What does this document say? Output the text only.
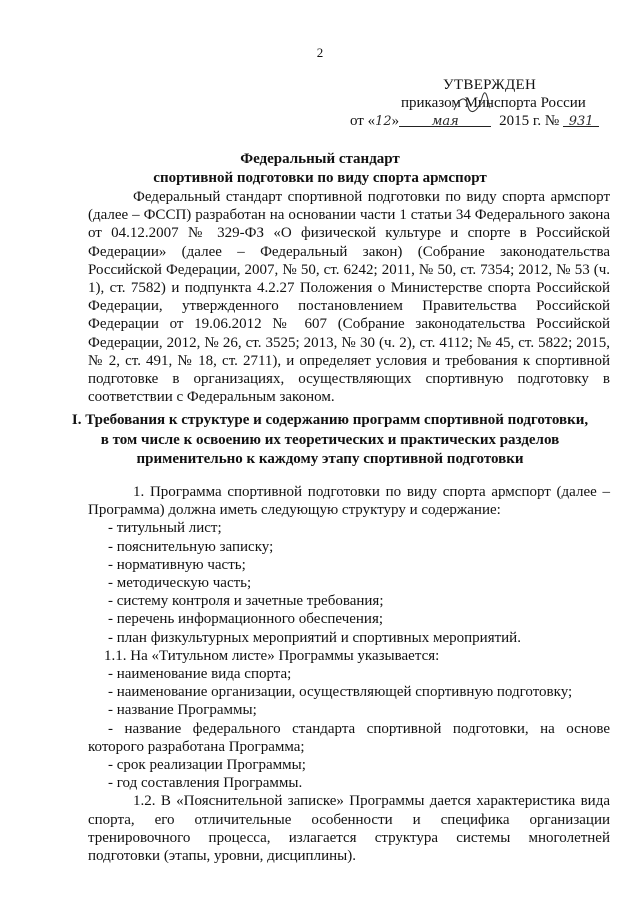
2
УТВЕРЖДЕН
приказом Минспорта России
от « 12 »	мая	2015 г. № 931
Федеральный стандарт
спортивной подготовки по виду спорта армспорт

Федеральный стандарт спортивной подготовки по виду спорта армспорт (далее – ФССП) разработан на основании части 1 статьи 34 Федерального закона от 04.12.2007 № 329-ФЗ «О физической культуре и спорте в Российской Федерации» (далее – Федеральный закон) (Собрание законодательства Российской Федерации, 2007, № 50, ст. 6242; 2011, № 50, ст. 7354; 2012, № 53 (ч. 1), ст. 7582) и подпункта 4.2.27 Положения о Министерстве спорта Российской Федерации, утвержденного постановлением Правительства Российской Федерации от 19.06.2012 № 607 (Собрание законодательства Российской Федерации, 2012, № 26, ст. 3525; 2013, № 30 (ч. 2), ст. 4112; № 45, ст. 5822; 2015, № 2, ст. 491, № 18, ст. 2711), и определяет условия и требования к спортивной подготовке в организациях, осуществляющих спортивную подготовку в соответствии с Федеральным законом.

I. Требования к структуре и содержанию программ спортивной подготовки,
в том числе к освоению их теоретических и практических разделов
применительно к каждому этапу спортивной подготовки

1. Программа спортивной подготовки по виду спорта армспорт (далее – Программа) должна иметь следующую структуру и содержание:

- титульный лист;
- пояснительную записку;
- нормативную часть;
- методическую часть;
- систему контроля и зачетные требования;
- перечень информационного обеспечения;
- план физкультурных мероприятий и спортивных мероприятий.

1.1. На «Титульном листе» Программы указывается:

- наименование вида спорта;
- наименование организации, осуществляющей спортивную подготовку;
- название Программы;
- название федерального стандарта спортивной подготовки, на основе которого разработана Программа;
- срок реализации Программы;
- год составления Программы.

1.2. В «Пояснительной записке» Программы дается характеристика вида спорта, его отличительные особенности и специфика организации тренировочного процесса, излагается структура системы многолетней подготовки (этапы, уровни, дисциплины).
